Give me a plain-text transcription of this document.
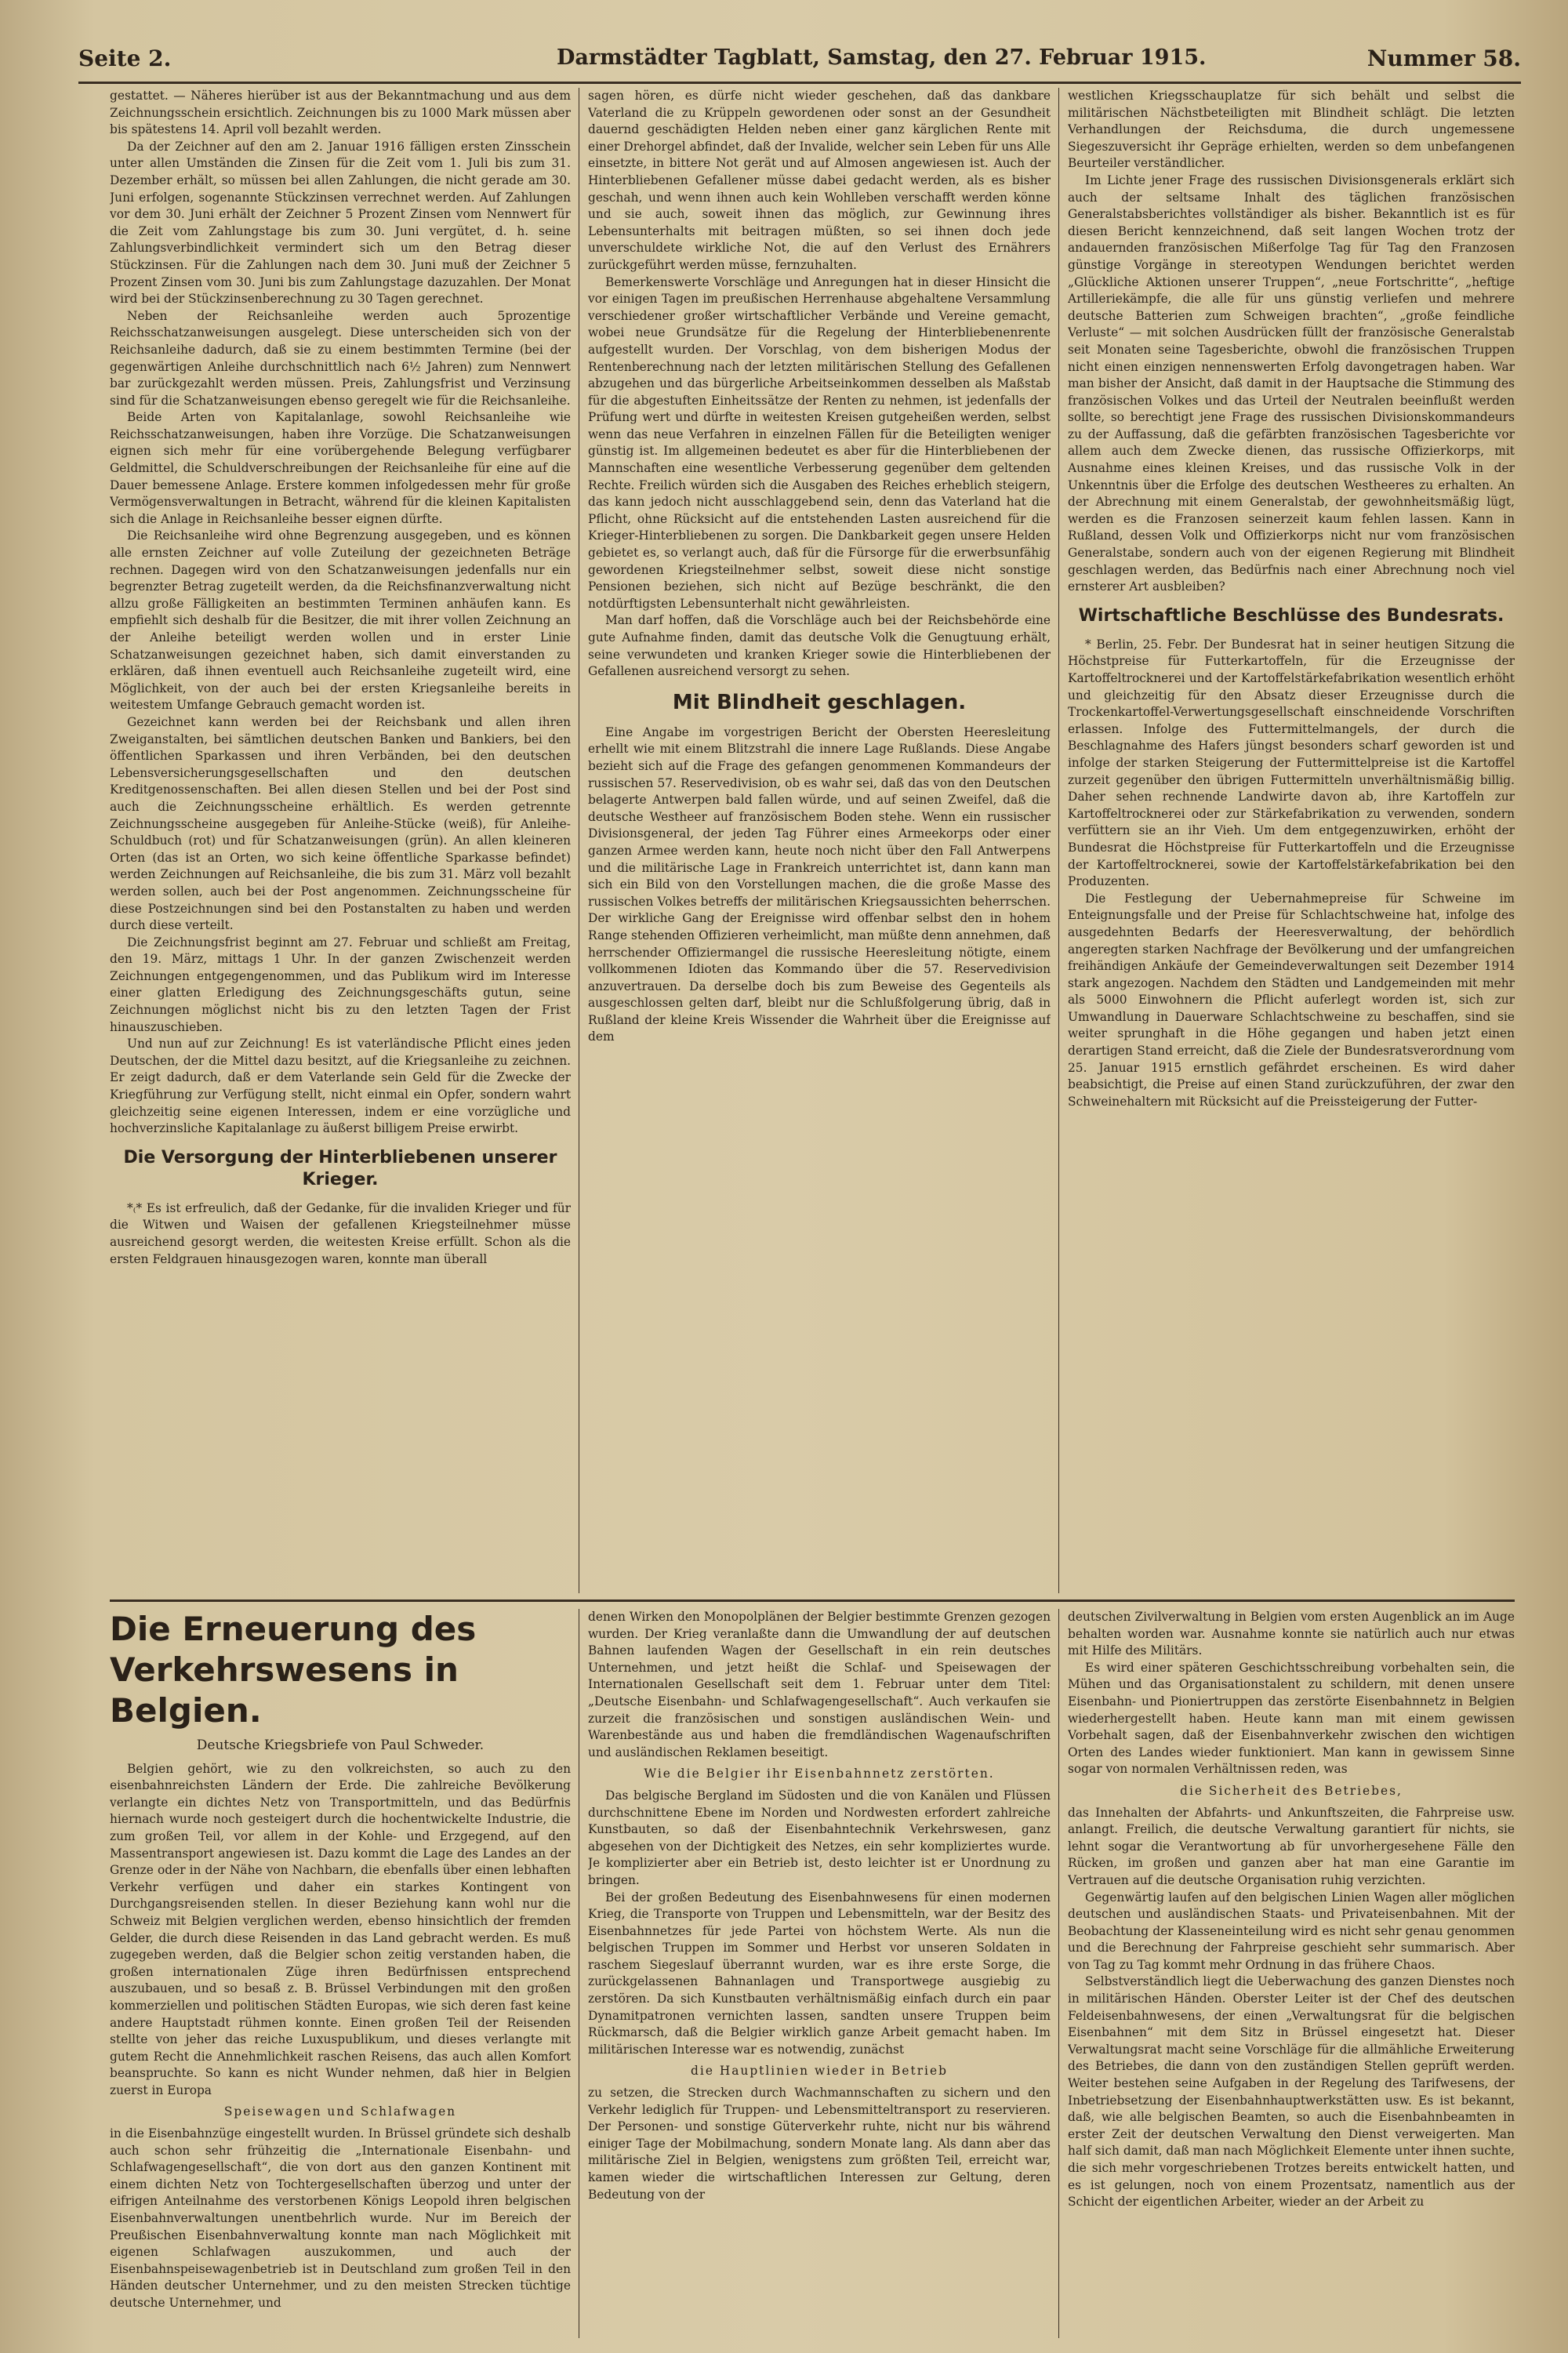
Seite 2.	Darmstädter Tagblatt, Samstag, den 27. Februar 1915.	Nummer 58.

gestattet. — Näheres hierüber ist aus der Bekanntmachung und aus dem Zeichnungsschein ersichtlich. Zeichnungen bis zu 1000 Mark müssen aber bis spätestens 14. April voll bezahlt werden.

Da der Zeichner auf den am 2. Januar 1916 fälligen ersten Zinsschein unter allen Umständen die Zinsen für die Zeit vom 1. Juli bis zum 31. Dezember erhält, so müssen bei allen Zahlungen, die nicht gerade am 30. Juni erfolgen, sogenannte Stückzinsen verrechnet werden. Auf Zahlungen vor dem 30. Juni erhält der Zeichner 5 Prozent Zinsen vom Nennwert für die Zeit vom Zahlungstage bis zum 30. Juni vergütet, d. h. seine Zahlungsverbindlichkeit vermindert sich um den Betrag dieser Stückzinsen. Für die Zahlungen nach dem 30. Juni muß der Zeichner 5 Prozent Zinsen vom 30. Juni bis zum Zahlungstage dazuzahlen. Der Monat wird bei der Stückzinsenberechnung zu 30 Tagen gerechnet.

Neben der Reichsanleihe werden auch 5prozentige Reichsschatzanweisungen ausgelegt. Diese unterscheiden sich von der Reichsanleihe dadurch, daß sie zu einem bestimmten Termine (bei der gegenwärtigen Anleihe durchschnittlich nach 6½ Jahren) zum Nennwert bar zurückgezahlt werden müssen. Preis, Zahlungsfrist und Verzinsung sind für die Schatzanweisungen ebenso geregelt wie für die Reichsanleihe.

Beide Arten von Kapitalanlage, sowohl Reichsanleihe wie Reichsschatzanweisungen, haben ihre Vorzüge. Die Schatzanweisungen eignen sich mehr für eine vorübergehende Belegung verfügbarer Geldmittel, die Schuldverschreibungen der Reichsanleihe für eine auf die Dauer bemessene Anlage. Erstere kommen infolgedessen mehr für große Vermögensverwaltungen in Betracht, während für die kleinen Kapitalisten sich die Anlage in Reichsanleihe besser eignen dürfte.

Die Reichsanleihe wird ohne Begrenzung ausgegeben, und es können alle ernsten Zeichner auf volle Zuteilung der gezeichneten Beträge rechnen. Dagegen wird von den Schatzanweisungen jedenfalls nur ein begrenzter Betrag zugeteilt werden, da die Reichsfinanzverwaltung nicht allzu große Fälligkeiten an bestimmten Terminen anhäufen kann. Es empfiehlt sich deshalb für die Besitzer, die mit ihrer vollen Zeichnung an der Anleihe beteiligt werden wollen und in erster Linie Schatzanweisungen gezeichnet haben, sich damit einverstanden zu erklären, daß ihnen eventuell auch Reichsanleihe zugeteilt wird, eine Möglichkeit, von der auch bei der ersten Kriegsanleihe bereits in weitestem Umfange Gebrauch gemacht worden ist.

Gezeichnet kann werden bei der Reichsbank und allen ihren Zweiganstalten, bei sämtlichen deutschen Banken und Bankiers, bei den öffentlichen Sparkassen und ihren Verbänden, bei den deutschen Lebensversicherungsgesellschaften und den deutschen Kreditgenossenschaften. Bei allen diesen Stellen und bei der Post sind auch die Zeichnungsscheine erhältlich. Es werden getrennte Zeichnungsscheine ausgegeben für Anleihe-Stücke (weiß), für Anleihe-Schuldbuch (rot) und für Schatzanweisungen (grün). An allen kleineren Orten (das ist an Orten, wo sich keine öffentliche Sparkasse befindet) werden Zeichnungen auf Reichsanleihe, die bis zum 31. März voll bezahlt werden sollen, auch bei der Post angenommen. Zeichnungsscheine für diese Postzeichnungen sind bei den Postanstalten zu haben und werden durch diese verteilt.

Die Zeichnungsfrist beginnt am 27. Februar und schließt am Freitag, den 19. März, mittags 1 Uhr. In der ganzen Zwischenzeit werden Zeichnungen entgegengenommen, und das Publikum wird im Interesse einer glatten Erledigung des Zeichnungsgeschäfts gutun, seine Zeichnungen möglichst nicht bis zu den letzten Tagen der Frist hinauszuschieben.

Und nun auf zur Zeichnung! Es ist vaterländische Pflicht eines jeden Deutschen, der die Mittel dazu besitzt, auf die Kriegsanleihe zu zeichnen. Er zeigt dadurch, daß er dem Vaterlande sein Geld für die Zwecke der Kriegführung zur Verfügung stellt, nicht einmal ein Opfer, sondern wahrt gleichzeitig seine eigenen Interessen, indem er eine vorzügliche und hochverzinsliche Kapitalanlage zu äußerst billigem Preise erwirbt.

Die Versorgung der Hinterbliebenen unserer Krieger.

*₍* Es ist erfreulich, daß der Gedanke, für die invaliden Krieger und für die Witwen und Waisen der gefallenen Kriegsteilnehmer müsse ausreichend gesorgt werden, die weitesten Kreise erfüllt. Schon als die ersten Feldgrauen hinausgezogen waren, konnte man überall

sagen hören, es dürfe nicht wieder geschehen, daß das dankbare Vaterland die zu Krüppeln gewordenen oder sonst an der Gesundheit dauernd geschädigten Helden neben einer ganz kärglichen Rente mit einer Drehorgel abfindet, daß der Invalide, welcher sein Leben für uns Alle einsetzte, in bittere Not gerät und auf Almosen angewiesen ist. Auch der Hinterbliebenen Gefallener müsse dabei gedacht werden, als es bisher geschah, und wenn ihnen auch kein Wohlleben verschafft werden könne und sie auch, soweit ihnen das möglich, zur Gewinnung ihres Lebensunterhalts mit beitragen müßten, so sei ihnen doch jede unverschuldete wirkliche Not, die auf den Verlust des Ernährers zurückgeführt werden müsse, fernzuhalten.

Bemerkenswerte Vorschläge und Anregungen hat in dieser Hinsicht die vor einigen Tagen im preußischen Herrenhause abgehaltene Versammlung verschiedener großer wirtschaftlicher Verbände und Vereine gemacht, wobei neue Grundsätze für die Regelung der Hinterbliebenenrente aufgestellt wurden. Der Vorschlag, von dem bisherigen Modus der Rentenberechnung nach der letzten militärischen Stellung des Gefallenen abzugehen und das bürgerliche Arbeitseinkommen desselben als Maßstab für die abgestuften Einheitssätze der Renten zu nehmen, ist jedenfalls der Prüfung wert und dürfte in weitesten Kreisen gutgeheißen werden, selbst wenn das neue Verfahren in einzelnen Fällen für die Beteiligten weniger günstig ist. Im allgemeinen bedeutet es aber für die Hinterbliebenen der Mannschaften eine wesentliche Verbesserung gegenüber dem geltenden Rechte. Freilich würden sich die Ausgaben des Reiches erheblich steigern, das kann jedoch nicht ausschlaggebend sein, denn das Vaterland hat die Pflicht, ohne Rücksicht auf die entstehenden Lasten ausreichend für die Krieger-Hinterbliebenen zu sorgen. Die Dankbarkeit gegen unsere Helden gebietet es, so verlangt auch, daß für die Fürsorge für die erwerbsunfähig gewordenen Kriegsteilnehmer selbst, soweit diese nicht sonstige Pensionen beziehen, sich nicht auf Bezüge beschränkt, die den notdürftigsten Lebensunterhalt nicht gewährleisten.

Man darf hoffen, daß die Vorschläge auch bei der Reichsbehörde eine gute Aufnahme finden, damit das deutsche Volk die Genugtuung erhält, seine verwundeten und kranken Krieger sowie die Hinterbliebenen der Gefallenen ausreichend versorgt zu sehen.

Mit Blindheit geschlagen.

Eine Angabe im vorgestrigen Bericht der Obersten Heeresleitung erhellt wie mit einem Blitzstrahl die innere Lage Rußlands. Diese Angabe bezieht sich auf die Frage des gefangen genommenen Kommandeurs der russischen 57. Reservedivision, ob es wahr sei, daß das von den Deutschen belagerte Antwerpen bald fallen würde, und auf seinen Zweifel, daß die deutsche Westheer auf französischem Boden stehe. Wenn ein russischer Divisionsgeneral, der jeden Tag Führer eines Armeekorps oder einer ganzen Armee werden kann, heute noch nicht über den Fall Antwerpens und die militärische Lage in Frankreich unterrichtet ist, dann kann man sich ein Bild von den Vorstellungen machen, die die große Masse des russischen Volkes betreffs der militärischen Kriegsaussichten beherrschen. Der wirkliche Gang der Ereignisse wird offenbar selbst den in hohem Range stehenden Offizieren verheimlicht, man müßte denn annehmen, daß herrschender Offiziermangel die russische Heeresleitung nötigte, einem vollkommenen Idioten das Kommando über die 57. Reservedivision anzuvertrauen. Da derselbe doch bis zum Beweise des Gegenteils als ausgeschlossen gelten darf, bleibt nur die Schlußfolgerung übrig, daß in Rußland der kleine Kreis Wissender die Wahrheit über die Ereignisse auf dem

westlichen Kriegsschauplatze für sich behält und selbst die militärischen Nächstbeteiligten mit Blindheit schlägt. Die letzten Verhandlungen der Reichsduma, die durch ungemessene Siegeszuversicht ihr Gepräge erhielten, werden so dem unbefangenen Beurteiler verständlicher.

Im Lichte jener Frage des russischen Divisionsgenerals erklärt sich auch der seltsame Inhalt des täglichen französischen Generalstabsberichtes vollständiger als bisher. Bekanntlich ist es für diesen Bericht kennzeichnend, daß seit langen Wochen trotz der andauernden französischen Mißerfolge Tag für Tag den Franzosen günstige Vorgänge in stereotypen Wendungen berichtet werden „Glückliche Aktionen unserer Truppen“, „neue Fortschritte“, „heftige Artilleriekämpfe, die alle für uns günstig verliefen und mehrere deutsche Batterien zum Schweigen brachten“, „große feindliche Verluste“ — mit solchen Ausdrücken füllt der französische Generalstab seit Monaten seine Tagesberichte, obwohl die französischen Truppen nicht einen einzigen nennenswerten Erfolg davongetragen haben. War man bisher der Ansicht, daß damit in der Hauptsache die Stimmung des französischen Volkes und das Urteil der Neutralen beeinflußt werden sollte, so berechtigt jene Frage des russischen Divisionskommandeurs zu der Auffassung, daß die gefärbten französischen Tagesberichte vor allem auch dem Zwecke dienen, das russische Offizierkorps, mit Ausnahme eines kleinen Kreises, und das russische Volk in der Unkenntnis über die Erfolge des deutschen Westheeres zu erhalten. An der Abrechnung mit einem Generalstab, der gewohnheitsmäßig lügt, werden es die Franzosen seinerzeit kaum fehlen lassen. Kann in Rußland, dessen Volk und Offizierkorps nicht nur vom französischen Generalstabe, sondern auch von der eigenen Regierung mit Blindheit geschlagen werden, das Bedürfnis nach einer Abrechnung noch viel ernsterer Art ausbleiben?

Wirtschaftliche Beschlüsse des Bundesrats.

* Berlin, 25. Febr. Der Bundesrat hat in seiner heutigen Sitzung die Höchstpreise für Futterkartoffeln, für die Erzeugnisse der Kartoffeltrocknerei und der Kartoffelstärkefabrikation wesentlich erhöht und gleichzeitig für den Absatz dieser Erzeugnisse durch die Trockenkartoffel-Verwertungsgesellschaft einschneidende Vorschriften erlassen. Infolge des Futtermittelmangels, der durch die Beschlagnahme des Hafers jüngst besonders scharf geworden ist und infolge der starken Steigerung der Futtermittelpreise ist die Kartoffel zurzeit gegenüber den übrigen Futtermitteln unverhältnismäßig billig. Daher sehen rechnende Landwirte davon ab, ihre Kartoffeln zur Kartoffeltrocknerei oder zur Stärkefabrikation zu verwenden, sondern verfüttern sie an ihr Vieh. Um dem entgegenzuwirken, erhöht der Bundesrat die Höchstpreise für Futterkartoffeln und die Erzeugnisse der Kartoffeltrocknerei, sowie der Kartoffelstärkefabrikation bei den Produzenten.

Die Festlegung der Uebernahmepreise für Schweine im Enteignungsfalle und der Preise für Schlachtschweine hat, infolge des ausgedehnten Bedarfs der Heeresverwaltung, der behördlich angeregten starken Nachfrage der Bevölkerung und der umfangreichen freihändigen Ankäufe der Gemeindeverwaltungen seit Dezember 1914 stark angezogen. Nachdem den Städten und Landgemeinden mit mehr als 5000 Einwohnern die Pflicht auferlegt worden ist, sich zur Umwandlung in Dauerware Schlachtschweine zu beschaffen, sind sie weiter sprunghaft in die Höhe gegangen und haben jetzt einen derartigen Stand erreicht, daß die Ziele der Bundesratsverordnung vom 25. Januar 1915 ernstlich gefährdet erscheinen. Es wird daher beabsichtigt, die Preise auf einen Stand zurückzuführen, der zwar den Schweinehaltern mit Rücksicht auf die Preissteigerung der Futter-

Die Erneuerung des Verkehrswesens in Belgien.
Deutsche Kriegsbriefe von Paul Schweder.

Belgien gehört, wie zu den volkreichsten, so auch zu den eisenbahnreichsten Ländern der Erde. Die zahlreiche Bevölkerung verlangte ein dichtes Netz von Transportmitteln, und das Bedürfnis hiernach wurde noch gesteigert durch die hochentwickelte Industrie, die zum großen Teil, vor allem in der Kohle- und Erzgegend, auf den Massentransport angewiesen ist. Dazu kommt die Lage des Landes an der Grenze oder in der Nähe von Nachbarn, die ebenfalls über einen lebhaften Verkehr verfügen und daher ein starkes Kontingent von Durchgangsreisenden stellen. In dieser Beziehung kann wohl nur die Schweiz mit Belgien verglichen werden, ebenso hinsichtlich der fremden Gelder, die durch diese Reisenden in das Land gebracht werden. Es muß zugegeben werden, daß die Belgier schon zeitig verstanden haben, die großen internationalen Züge ihren Bedürfnissen entsprechend auszubauen, und so besaß z. B. Brüssel Verbindungen mit den großen kommerziellen und politischen Städten Europas, wie sich deren fast keine andere Hauptstadt rühmen konnte. Einen großen Teil der Reisenden stellte von jeher das reiche Luxuspublikum, und dieses verlangte mit gutem Recht die Annehmlichkeit raschen Reisens, das auch allen Komfort beanspruchte. So kann es nicht Wunder nehmen, daß hier in Belgien zuerst in Europa

Speisewagen und Schlafwagen

in die Eisenbahnzüge eingestellt wurden. In Brüssel gründete sich deshalb auch schon sehr frühzeitig die „Internationale Eisenbahn- und Schlafwagengesellschaft“, die von dort aus den ganzen Kontinent mit einem dichten Netz von Tochtergesellschaften überzog und unter der eifrigen Anteilnahme des verstorbenen Königs Leopold ihren belgischen Eisenbahnverwaltungen unentbehrlich wurde. Nur im Bereich der Preußischen Eisenbahnverwaltung konnte man nach Möglichkeit mit eigenen Schlafwagen auszukommen, und auch der Eisenbahnspeisewagenbetrieb ist in Deutschland zum großen Teil in den Händen deutscher Unternehmer, und zu den meisten Strecken tüchtige deutsche Unternehmer, und

denen Wirken den Monopolplänen der Belgier bestimmte Grenzen gezogen wurden. Der Krieg veranlaßte dann die Umwandlung der auf deutschen Bahnen laufenden Wagen der Gesellschaft in ein rein deutsches Unternehmen, und jetzt heißt die Schlaf- und Speisewagen der Internationalen Gesellschaft seit dem 1. Februar unter dem Titel: „Deutsche Eisenbahn- und Schlafwagengesellschaft“. Auch verkaufen sie zurzeit die französischen und sonstigen ausländischen Wein- und Warenbestände aus und haben die fremdländischen Wagenaufschriften und ausländischen Reklamen beseitigt.

Wie die Belgier ihr Eisenbahnnetz zerstörten.

Das belgische Bergland im Südosten und die von Kanälen und Flüssen durchschnittene Ebene im Norden und Nordwesten erfordert zahlreiche Kunstbauten, so daß der Eisenbahntechnik Verkehrswesen, ganz abgesehen von der Dichtigkeit des Netzes, ein sehr kompliziertes wurde. Je komplizierter aber ein Betrieb ist, desto leichter ist er Unordnung zu bringen.

Bei der großen Bedeutung des Eisenbahnwesens für einen modernen Krieg, die Transporte von Truppen und Lebensmitteln, war der Besitz des Eisenbahnnetzes für jede Partei von höchstem Werte. Als nun die belgischen Truppen im Sommer und Herbst vor unseren Soldaten in raschem Siegeslauf überrannt wurden, war es ihre erste Sorge, die zurückgelassenen Bahnanlagen und Transportwege ausgiebig zu zerstören. Da sich Kunstbauten verhältnismäßig einfach durch ein paar Dynamitpatronen vernichten lassen, sandten unsere Truppen beim Rückmarsch, daß die Belgier wirklich ganze Arbeit gemacht haben. Im militärischen Interesse war es notwendig, zunächst

die Hauptlinien wieder in Betrieb

zu setzen, die Strecken durch Wachmannschaften zu sichern und den Verkehr lediglich für Truppen- und Lebensmitteltransport zu reservieren. Der Personen- und sonstige Güterverkehr ruhte, nicht nur bis während einiger Tage der Mobilmachung, sondern Monate lang. Als dann aber das militärische Ziel in Belgien, wenigstens zum größten Teil, erreicht war, kamen wieder die wirtschaftlichen Interessen zur Geltung, deren Bedeutung von der

deutschen Zivilverwaltung in Belgien vom ersten Augenblick an im Auge behalten worden war. Ausnahme konnte sie natürlich auch nur etwas mit Hilfe des Militärs.

Es wird einer späteren Geschichtsschreibung vorbehalten sein, die Mühen und das Organisationstalent zu schildern, mit denen unsere Eisenbahn- und Pioniertruppen das zerstörte Eisenbahnnetz in Belgien wiederhergestellt haben. Heute kann man mit einem gewissen Vorbehalt sagen, daß der Eisenbahnverkehr zwischen den wichtigen Orten des Landes wieder funktioniert. Man kann in gewissem Sinne sogar von normalen Verhältnissen reden, was

die Sicherheit des Betriebes,

das Innehalten der Abfahrts- und Ankunftszeiten, die Fahrpreise usw. anlangt. Freilich, die deutsche Verwaltung garantiert für nichts, sie lehnt sogar die Verantwortung ab für unvorhergesehene Fälle den Rücken, im großen und ganzen aber hat man eine Garantie im Vertrauen auf die deutsche Organisation ruhig verzichten.

Gegenwärtig laufen auf den belgischen Linien Wagen aller möglichen deutschen und ausländischen Staats- und Privateisenbahnen. Mit der Beobachtung der Klasseneinteilung wird es nicht sehr genau genommen und die Berechnung der Fahrpreise geschieht sehr summarisch. Aber von Tag zu Tag kommt mehr Ordnung in das frühere Chaos.

Selbstverständlich liegt die Ueberwachung des ganzen Dienstes noch in militärischen Händen. Oberster Leiter ist der Chef des deutschen Feldeisenbahnwesens, der einen „Verwaltungsrat für die belgischen Eisenbahnen“ mit dem Sitz in Brüssel eingesetzt hat. Dieser Verwaltungsrat macht seine Vorschläge für die allmähliche Erweiterung des Betriebes, die dann von den zuständigen Stellen geprüft werden. Weiter bestehen seine Aufgaben in der Regelung des Tarifwesens, der Inbetriebsetzung der Eisenbahnhauptwerkstätten usw. Es ist bekannt, daß, wie alle belgischen Beamten, so auch die Eisenbahnbeamten in erster Zeit der deutschen Verwaltung den Dienst verweigerten. Man half sich damit, daß man nach Möglichkeit Elemente unter ihnen suchte, die sich mehr vorgeschriebenen Trotzes bereits entwickelt hatten, und es ist gelungen, noch von einem Prozentsatz, namentlich aus der Schicht der eigentlichen Arbeiter, wieder an der Arbeit zu
